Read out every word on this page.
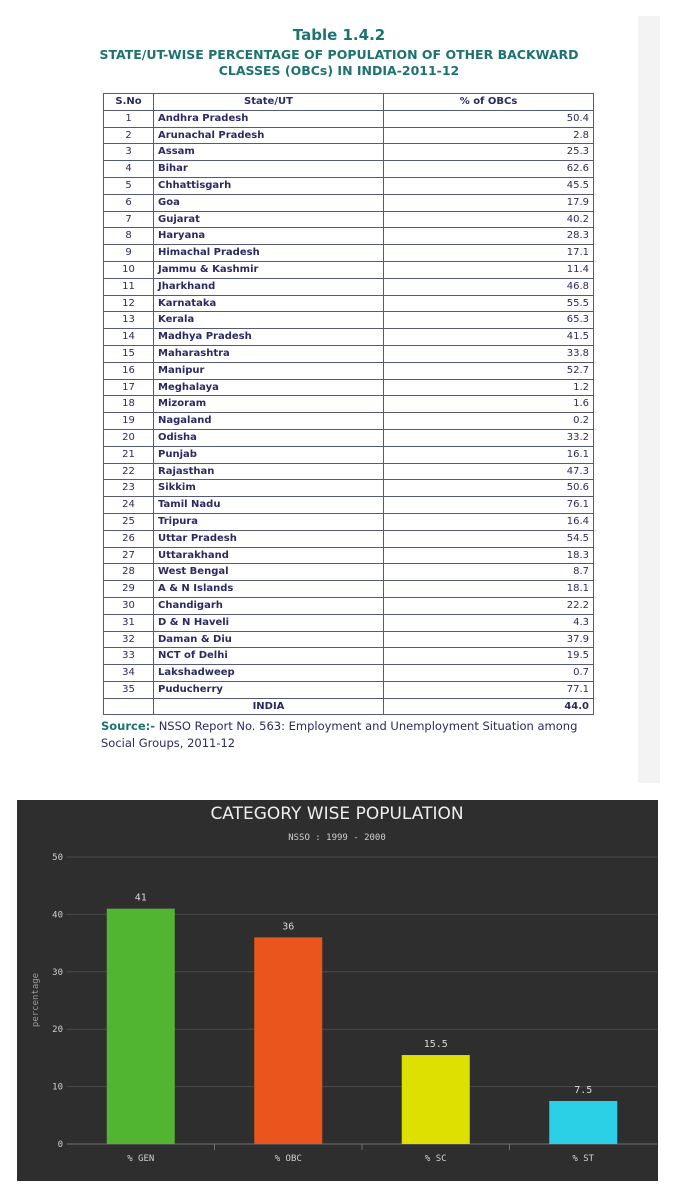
Table 1.4.2
STATE/UT-WISE PERCENTAGE OF POPULATION OF OTHER BACKWARD
CLASSES (OBCs) IN INDIA-2011-12
S.No	State/UT	% of OBCs
1	Andhra Pradesh	50.4
2	Arunachal Pradesh	2.8
3	Assam	25.3
4	Bihar	62.6
5	Chhattisgarh	45.5
6	Goa	17.9
7	Gujarat	40.2
8	Haryana	28.3
9	Himachal Pradesh	17.1
10	Jammu & Kashmir	11.4
11	Jharkhand	46.8
12	Karnataka	55.5
13	Kerala	65.3
14	Madhya Pradesh	41.5
15	Maharashtra	33.8
16	Manipur	52.7
17	Meghalaya	1.2
18	Mizoram	1.6
19	Nagaland	0.2
20	Odisha	33.2
21	Punjab	16.1
22	Rajasthan	47.3
23	Sikkim	50.6
24	Tamil Nadu	76.1
25	Tripura	16.4
26	Uttar Pradesh	54.5
27	Uttarakhand	18.3
28	West Bengal	8.7
29	A & N Islands	18.1
30	Chandigarh	22.2
31	D & N Haveli	4.3
32	Daman & Diu	37.9
33	NCT of Delhi	19.5
34	Lakshadweep	0.7
35	Puducherry	77.1
	INDIA	44.0
Source:- NSSO Report No. 563: Employment and Unemployment Situation among Social Groups, 2011-12
CATEGORY WISE POPULATION
NSSO : 1999 - 2000
0
10
20
30
40
50
41
% GEN
36
% OBC
15.5
% SC
7.5
% ST
percentage
